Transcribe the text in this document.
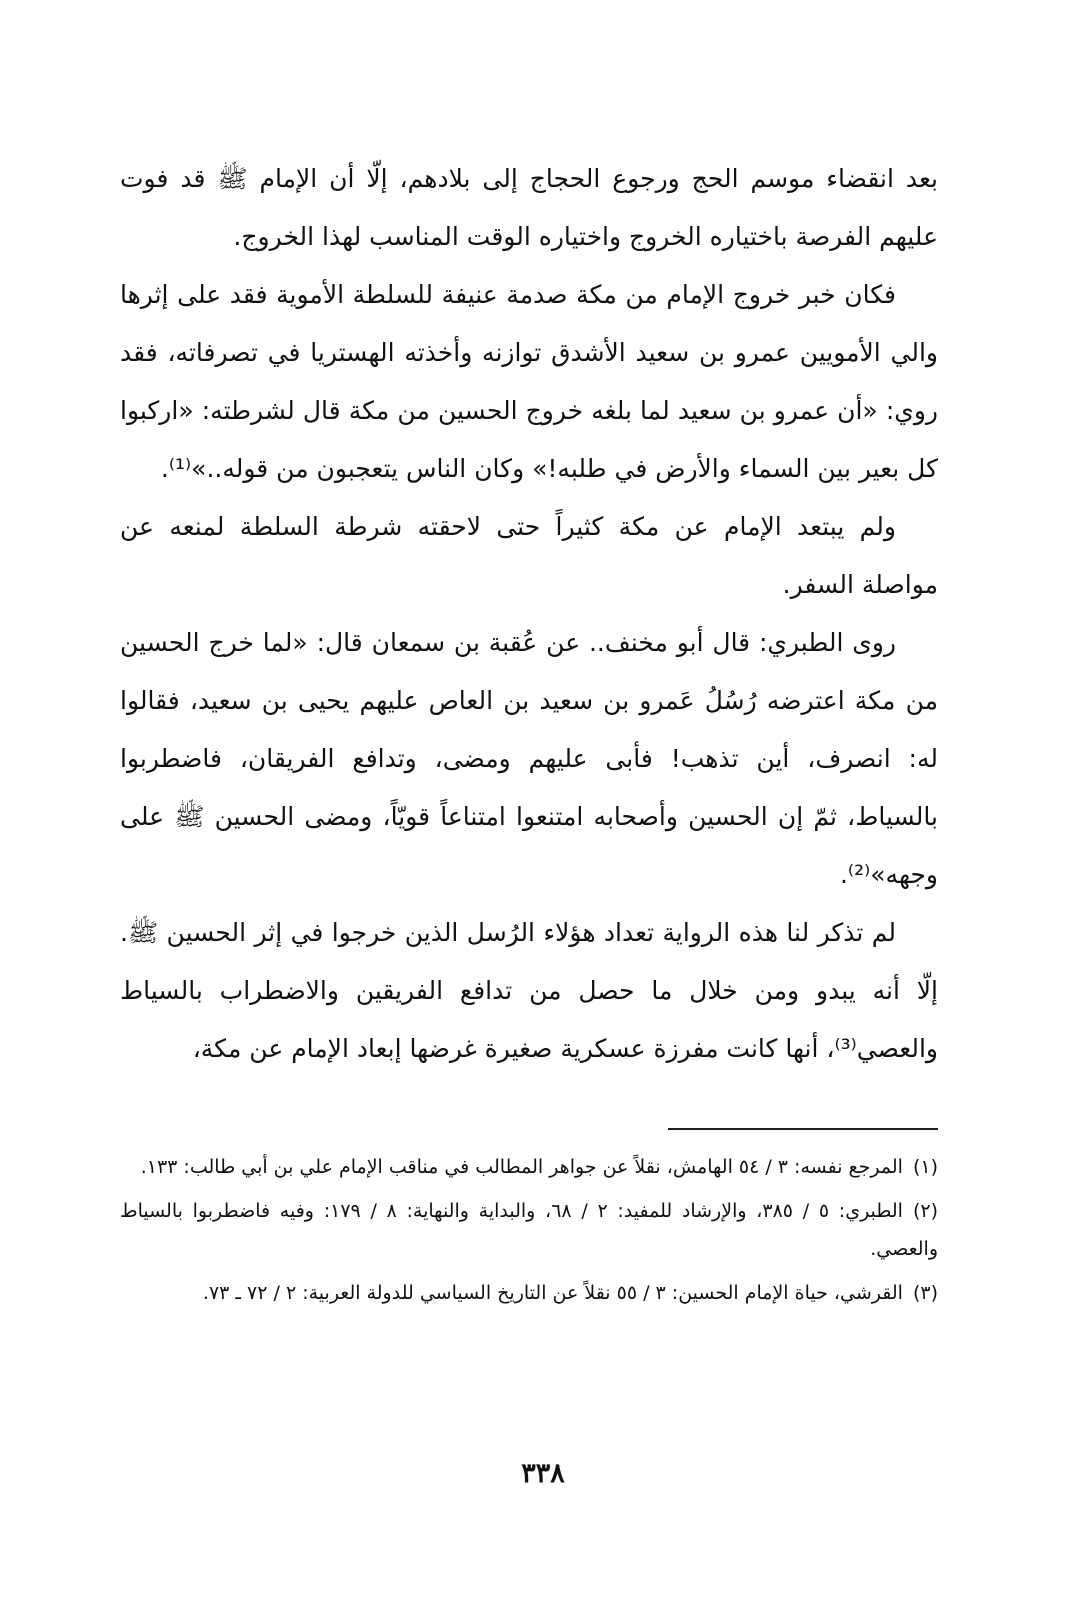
بعد انقضاء موسم الحج ورجوع الحجاج إلى بلادهم، إلّا أن الإمام ﷺ قد فوت عليهم الفرصة باختياره الخروج واختياره الوقت المناسب لهذا الخروج.

فكان خبر خروج الإمام من مكة صدمة عنيفة للسلطة الأموية فقد على إثرها والي الأمويين عمرو بن سعيد الأشدق توازنه وأخذته الهستريا في تصرفاته، فقد روي: «أن عمرو بن سعيد لما بلغه خروج الحسين من مكة قال لشرطته: «اركبوا كل بعير بين السماء والأرض في طلبه!» وكان الناس يتعجبون من قوله..»⁽¹⁾.

ولم يبتعد الإمام عن مكة كثيراً حتى لاحقته شرطة السلطة لمنعه عن مواصلة السفر.

روى الطبري: قال أبو مخنف.. عن عُقبة بن سمعان قال: «لما خرج الحسين من مكة اعترضه رُسُلُ عَمرو بن سعيد بن العاص عليهم يحيى بن سعيد، فقالوا له: انصرف، أين تذهب! فأبى عليهم ومضى، وتدافع الفريقان، فاضطربوا بالسياط، ثمّ إن الحسين وأصحابه امتنعوا امتناعاً قويّاً، ومضى الحسين ﷺ على وجهه»⁽²⁾.

لم تذكر لنا هذه الرواية تعداد هؤلاء الرُسل الذين خرجوا في إثر الحسين ﷺ. إلّا أنه يبدو ومن خلال ما حصل من تدافع الفريقين والاضطراب بالسياط والعصي⁽³⁾، أنها كانت مفرزة عسكرية صغيرة غرضها إبعاد الإمام عن مكة،

(١)المرجع نفسه: ٣ / ٥٤ الهامش، نقلاً عن جواهر المطالب في مناقب الإمام علي بن أبي طالب: ١٣٣.

(٢)الطبري: ٥ / ٣٨٥، والإرشاد للمفيد: ٢ / ٦٨، والبداية والنهاية: ٨ / ١٧٩: وفيه فاضطربوا بالسياط والعصي.

(٣)القرشي، حياة الإمام الحسين: ٣ / ٥٥ نقلاً عن التاريخ السياسي للدولة العربية: ٢ / ٧٢ ـ ٧٣.

٣٣٨
